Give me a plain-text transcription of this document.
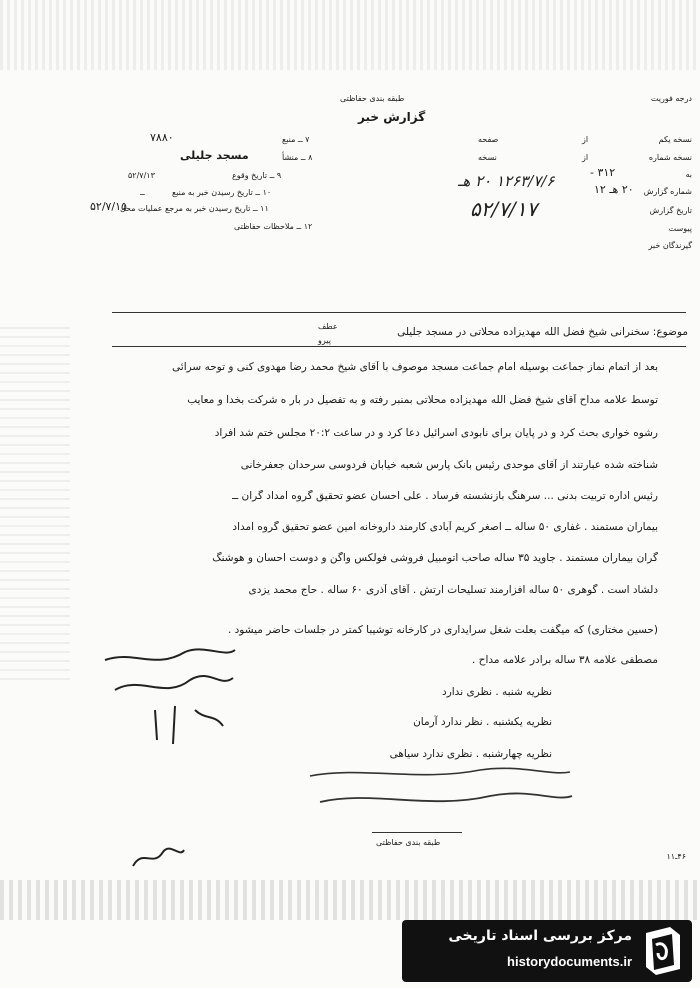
درجه فوریت
طبقه بندی حفاظتی
گزارش خبر
نسخه یکم
از
صفحه
نسخه شماره
از
نسخه
به
۳۱۲ -
شماره گزارش
۲۰ هـ ۱۲
تاریخ گزارش
پیوست
گیرندگان خبر
۱۲۶۳/۷/۶ ۲۰ هـ
۵۲/۷/۱۷
۷ ــ منبع
۷۸۸۰
۸ ــ منشأ
مسجد جلیلی
۹ ــ تاریخ وقوع
۵۲/۷/۱۳
۱۰ ــ تاریخ رسیدن خبر به منبع
ــ
۱۱ ــ تاریخ رسیدن خبر به مرجع عملیات محل
۵۲/۷/۱۵
۱۲ ــ ملاحظات حفاظتی
موضوع: سخنرانی شیخ فضل الله مهدیزاده محلاتی در مسجد جلیلی
عطف
پیرو
بعد از اتمام نماز جماعت بوسیله امام جماعت مسجد موصوف با آقای شیخ محمد رضا مهدوی کنی و توحه سرائی
توسط علامه مداح آقای شیخ فضل الله مهدیزاده محلاتی بمنبر رفته و به تفصیل در بار ه شرکت بخدا و معایب
رشوه خواری بحث کرد و در پایان برای نابودی اسرائیل دعا کرد و در ساعت ۲۰:۲ مجلس ختم شد افراد
شناخته شده عبارتند از آقای موحدی رئیس بانک پارس شعبه خیابان فردوسی سرحدان جعفرخانی
رئیس اداره تربیت بدنی ... سرهنگ بازنشسته فرساد . علی احسان عضو تحقیق گروه امداد گران ــ
بیماران مستمند . غفاری ۵۰ ساله ــ اصغر کریم آبادی کارمند داروخانه امین عضو تحقیق گروه امداد
گران بیماران مستمند . جاوید ۳۵ ساله صاحب اتومبیل فروشی فولکس واگن و دوست احسان و هوشنگ
دلشاد است . گوهری ۵۰ ساله افزارمند تسلیحات ارتش . آقای آذری ۶۰ ساله . حاج محمد یزدی
(حسین مختاری) که میگفت بعلت شغل سرایداری در کارخانه توشیبا کمتر در جلسات حاضر میشود .
مصطفی علامه ۳۸ ساله برادر علامه مداح .
نظریه شنبه . نظری ندارد
نظریه یکشنبه . نظر ندارد آرمان
نظریه چهارشنبه . نظری ندارد سیاهی
طبقه بندی حفاظتی
۴۶ـ۱۱
مرکز بررسی اسناد تاریخی
historydocuments.ir
